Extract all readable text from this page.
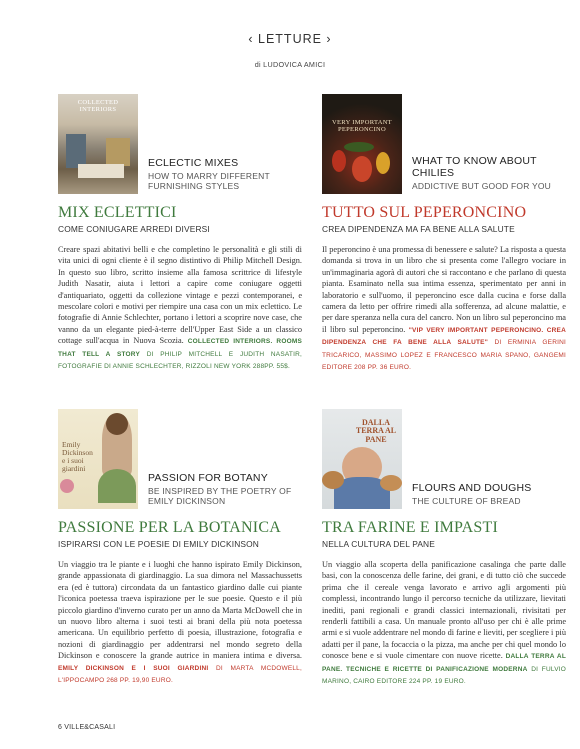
‹ LETTURE ›
di LUDOVICA AMICI
COLLECTED INTERIORS
ECLECTIC MIXES
HOW TO MARRY DIFFERENT FURNISHING STYLES
MIX ECLETTICI
COME CONIUGARE ARREDI DIVERSI
Creare spazi abitativi belli e che completino le personalità e gli stili di vita unici di ogni cliente è il segno distintivo di Philip Mitchell Design. In questo suo libro, scritto insieme alla famosa scrittrice di lifestyle Judith Nasatir, aiuta i lettori a capire come coniugare oggetti d'antiquariato, oggetti da collezione vintage e pezzi contemporanei, e mescolare colori e motivi per riempire una casa con un mix eclettico. Le fotografie di Annie Schlechter, portano i lettori a scoprire nove case, che vanno da un elegante pied-à-terre dell'Upper East Side a un classico cottage sull'acqua in Nuova Scozia. COLLECTED INTERIORS. ROOMS THAT TELL A STORY DI PHILIP MITCHELL E JUDITH NASATIR, FOTOGRAFIE DI ANNIE SCHLECHTER, RIZZOLI NEW YORK 288PP. 55$.
VERY IMPORTANT PEPERONCINO
WHAT TO KNOW ABOUT CHILIES
ADDICTIVE BUT GOOD FOR YOU
TUTTO SUL PEPERONCINO
CREA DIPENDENZA MA FA BENE ALLA SALUTE
Il peperoncino è una promessa di benessere e salute? La risposta a questa domanda si trova in un libro che si presenta come l'allegro vociare in un'immaginaria agorà di autori che si raccontano e che parlano di questa pianta. Esaminato nella sua intima essenza, sperimentato per anni in laboratorio e sull'uomo, il peperoncino esce dalla cucina e forse dalla camera da letto per offrire rimedi alla sofferenza, ad alcune malattie, e per dare speranza nella cura del cancro. Non un libro sul peperoncino ma il libro sul peperoncino. "VIP VERY IMPORTANT PEPERONCINO. CREA DIPENDENZA CHE FA BENE ALLA SALUTE" DI ERMINIA GERINI TRICARICO, MASSIMO LOPEZ E FRANCESCO MARIA SPANO, GANGEMI EDITORE 208 PP. 36 EURO.
Emily Dickinson e i suoi giardini
PASSION FOR BOTANY
BE INSPIRED BY THE POETRY OF EMILY DICKINSON
PASSIONE PER LA BOTANICA
ISPIRARSI CON LE POESIE DI EMILY DICKINSON
Un viaggio tra le piante e i luoghi che hanno ispirato Emily Dickinson, grande appassionata di giardinaggio. La sua dimora nel Massachussetts era (ed è tuttora) circondata da un fantastico giardino dalle cui piante l'iconica poetessa traeva ispirazione per le sue poesie. Questo e il più piccolo giardino d'inverno curato per un anno da Marta McDowell che in un nuovo libro alterna i suoi testi ai brani della più nota poetessa americana. Un equilibrio perfetto di poesia, illustrazione, fotografia e nozioni di giardinaggio per addentrarsi nel mondo segreto della Dickinson e conoscere la grande autrice in maniera intima e diversa. EMILY DICKINSON E I SUOI GIARDINI DI MARTA MCDOWELL, L'IPPOCAMPO 268 PP. 19,90 EURO.
DALLA TERRA AL PANE
FLOURS AND DOUGHS
THE CULTURE OF BREAD
TRA FARINE E IMPASTI
NELLA CULTURA DEL PANE
Un viaggio alla scoperta della panificazione casalinga che parte dalle basi, con la conoscenza delle farine, dei grani, e di tutto ciò che succede prima che il cereale venga lavorato e arrivo agli argomenti più complessi, incontrando lungo il percorso tecniche da utilizzare, lievitati inediti, pani regionali e grandi classici internazionali, rivisitati per renderli fattibili a casa. Un manuale pronto all'uso per chi è alle prime armi e si vuole addentrare nel mondo di farine e lieviti, per scegliere i più adatti per il pane, la focaccia o la pizza, ma anche per chi quel mondo lo conosce bene e si vuole cimentare con nuove ricette. DALLA TERRA AL PANE. TECNICHE E RICETTE DI PANIFICAZIONE MODERNA DI FULVIO MARINO, CAIRO EDITORE 224 PP. 19 EURO.
6 VILLE&CASALI
